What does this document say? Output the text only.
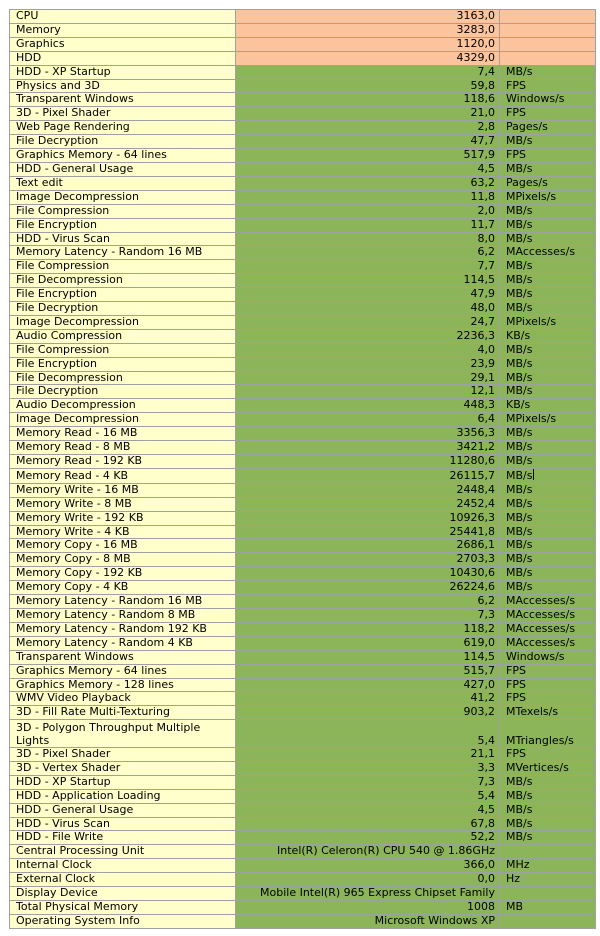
CPU	3163,0	
Memory	3283,0	
Graphics	1120,0	
HDD	4329,0	
HDD - XP Startup	7,4	MB/s
Physics and 3D	59,8	FPS
Transparent Windows	118,6	Windows/s
3D - Pixel Shader	21,0	FPS
Web Page Rendering	2,8	Pages/s
File Decryption	47,7	MB/s
Graphics Memory - 64 lines	517,9	FPS
HDD - General Usage	4,5	MB/s
Text edit	63,2	Pages/s
Image Decompression	11,8	MPixels/s
File Compression	2,0	MB/s
File Encryption	11,7	MB/s
HDD - Virus Scan	8,0	MB/s
Memory Latency - Random 16 MB	6,2	MAccesses/s
File Compression	7,7	MB/s
File Decompression	114,5	MB/s
File Encryption	47,9	MB/s
File Decryption	48,0	MB/s
Image Decompression	24,7	MPixels/s
Audio Compression	2236,3	KB/s
File Compression	4,0	MB/s
File Encryption	23,9	MB/s
File Decompression	29,1	MB/s
File Decryption	12,1	MB/s
Audio Decompression	448,3	KB/s
Image Decompression	6,4	MPixels/s
Memory Read - 16 MB	3356,3	MB/s
Memory Read - 8 MB	3421,2	MB/s
Memory Read - 192 KB	11280,6	MB/s
Memory Read - 4 KB	26115,7	MB/s
Memory Write - 16 MB	2448,4	MB/s
Memory Write - 8 MB	2452,4	MB/s
Memory Write - 192 KB	10926,3	MB/s
Memory Write - 4 KB	25441,8	MB/s
Memory Copy - 16 MB	2686,1	MB/s
Memory Copy - 8 MB	2703,3	MB/s
Memory Copy - 192 KB	10430,6	MB/s
Memory Copy - 4 KB	26224,6	MB/s
Memory Latency - Random 16 MB	6,2	MAccesses/s
Memory Latency - Random 8 MB	7,3	MAccesses/s
Memory Latency - Random 192 KB	118,2	MAccesses/s
Memory Latency - Random 4 KB	619,0	MAccesses/s
Transparent Windows	114,5	Windows/s
Graphics Memory - 64 lines	515,7	FPS
Graphics Memory - 128 lines	427,0	FPS
WMV Video Playback	41,2	FPS
3D - Fill Rate Multi-Texturing	903,2	MTexels/s
3D - Polygon Throughput Multiple Lights	5,4	MTriangles/s
3D - Pixel Shader	21,1	FPS
3D - Vertex Shader	3,3	MVertices/s
HDD - XP Startup	7,3	MB/s
HDD - Application Loading	5,4	MB/s
HDD - General Usage	4,5	MB/s
HDD - Virus Scan	67,8	MB/s
HDD - File Write	52,2	MB/s
Central Processing Unit	Intel(R) Celeron(R) CPU 540 @ 1.86GHz	
Internal Clock	366,0	MHz
External Clock	0,0	Hz
Display Device	Mobile Intel(R) 965 Express Chipset Family	
Total Physical Memory	1008	MB
Operating System Info	Microsoft Windows XP	
